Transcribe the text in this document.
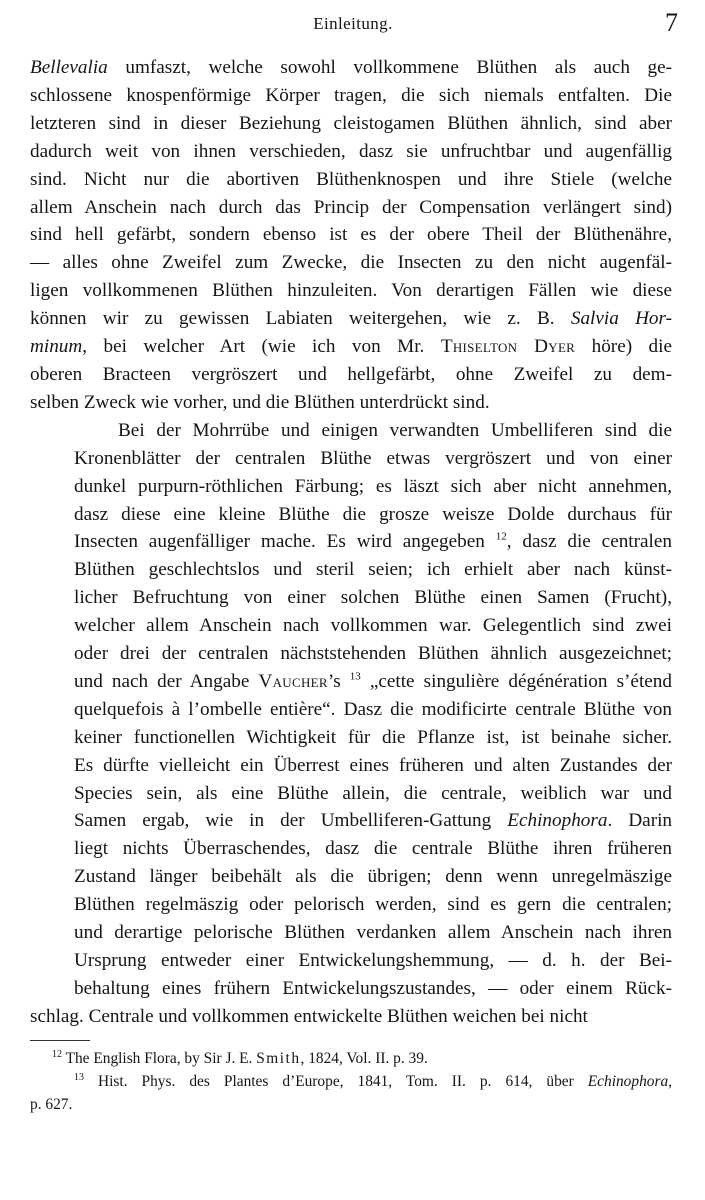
Einleitung.	7

Bellevalia umfaszt, welche sowohl vollkommene Blüthen als auch ge-
schlossene knospenförmige Körper tragen, die sich niemals entfalten. Die
letzteren sind in dieser Beziehung cleistogamen Blüthen ähnlich, sind aber
dadurch weit von ihnen verschieden, dasz sie unfruchtbar und augenfällig
sind. Nicht nur die abortiven Blüthenknospen und ihre Stiele (welche
allem Anschein nach durch das Princip der Compensation verlängert sind)
sind hell gefärbt, sondern ebenso ist es der obere Theil der Blüthenähre,
— alles ohne Zweifel zum Zwecke, die Insecten zu den nicht augenfäl-
ligen vollkommenen Blüthen hinzuleiten. Von derartigen Fällen wie diese
können wir zu gewissen Labiaten weitergehen, wie z. B. Salvia Hor-
minum, bei welcher Art (wie ich von Mr. Thiselton Dyer höre) die
oberen Bracteen vergröszert und hellgefärbt, ohne Zweifel zu dem-
selben Zweck wie vorher, und die Blüthen unterdrückt sind.

Bei der Mohrrübe und einigen verwandten Umbelliferen sind die
Kronenblätter der centralen Blüthe etwas vergröszert und von einer
dunkel purpurn-röthlichen Färbung; es läszt sich aber nicht annehmen,
dasz diese eine kleine Blüthe die grosze weisze Dolde durchaus für
Insecten augenfälliger mache. Es wird angegeben $^{12}$, dasz die centralen
Blüthen geschlechtslos und steril seien; ich erhielt aber nach künst-
licher Befruchtung von einer solchen Blüthe einen Samen (Frucht),
welcher allem Anschein nach vollkommen war. Gelegentlich sind zwei
oder drei der centralen nächststehenden Blüthen ähnlich ausgezeichnet;
und nach der Angabe Vaucher’s $^{13}$ „cette singulière dégénération s’étend
quelquefois à l’ombelle entière“. Dasz die modificirte centrale Blüthe von
keiner functionellen Wichtigkeit für die Pflanze ist, ist beinahe sicher.
Es dürfte vielleicht ein Überrest eines früheren und alten Zustandes der
Species sein, als eine Blüthe allein, die centrale, weiblich war und
Samen ergab, wie in der Umbelliferen-Gattung Echinophora. Darin
liegt nichts Überraschendes, dasz die centrale Blüthe ihren früheren
Zustand länger beibehält als die übrigen; denn wenn unregelmäszige
Blüthen regelmäszig oder pelorisch werden, sind es gern die centralen;
und derartige pelorische Blüthen verdanken allem Anschein nach ihren
Ursprung entweder einer Entwickelungshemmung, — d. h. der Bei-
behaltung eines frühern Entwickelungszustandes, — oder einem Rück-
schlag. Centrale und vollkommen entwickelte Blüthen weichen bei nicht

$^{12}$ The English Flora, by Sir J. E. Smith, 1824, Vol. II. p. 39.

$^{13}$ Hist. Phys. des Plantes d’Europe, 1841, Tom. II. p. 614, über Echinophora,
p. 627.
